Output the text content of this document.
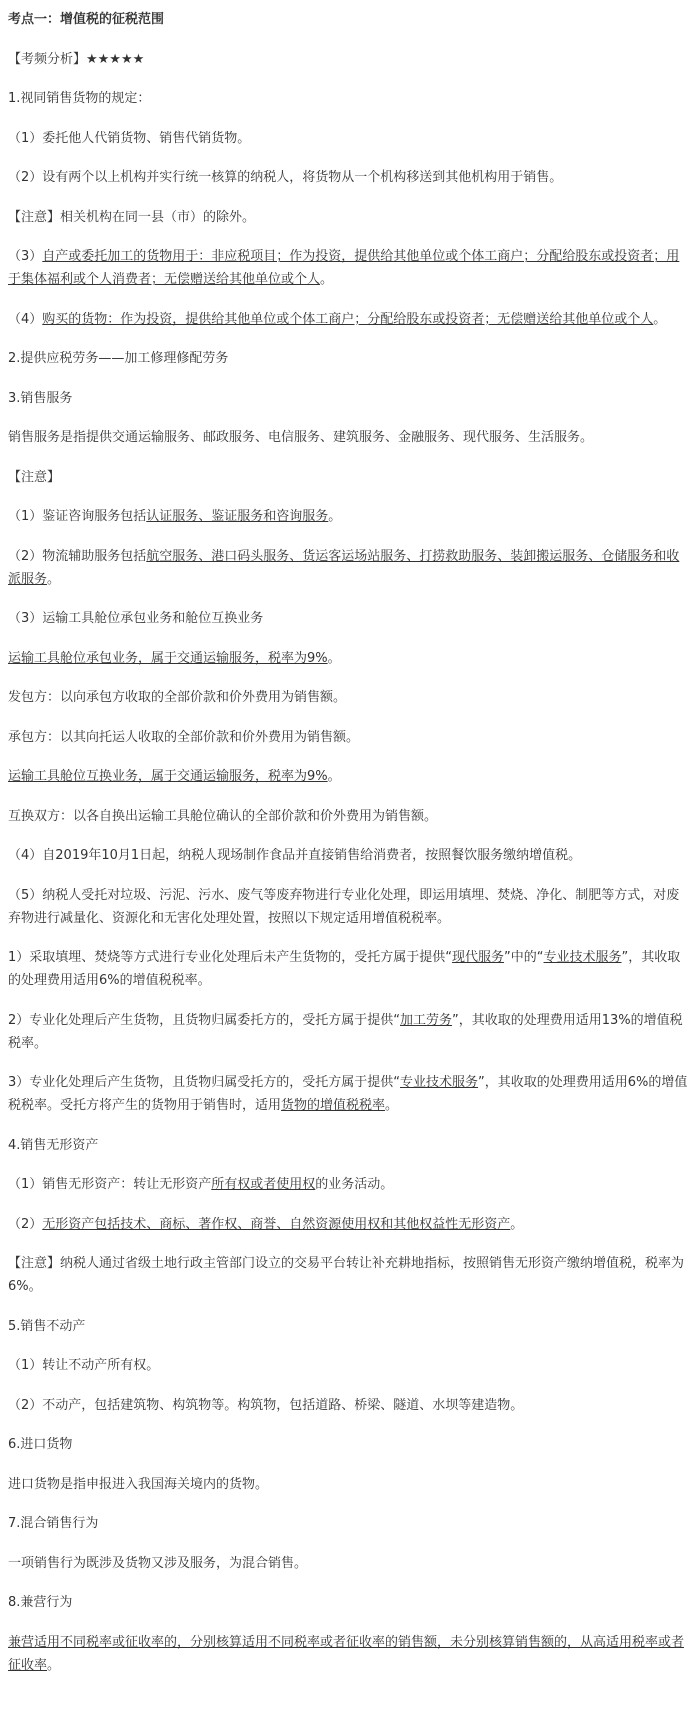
考点一：增值税的征税范围

【考频分析】★★★★★

1.视同销售货物的规定：

（1）委托他人代销货物、销售代销货物。

（2）设有两个以上机构并实行统一核算的纳税人，将货物从一个机构移送到其他机构用于销售。

【注意】相关机构在同一县（市）的除外。

（3）自产或委托加工的货物用于：非应税项目；作为投资，提供给其他单位或个体工商户；分配给股东或投资者；用于集体福利或个人消费者；无偿赠送给其他单位或个人。

（4）购买的货物：作为投资，提供给其他单位或个体工商户；分配给股东或投资者；无偿赠送给其他单位或个人。

2.提供应税劳务——加工修理修配劳务

3.销售服务

销售服务是指提供交通运输服务、邮政服务、电信服务、建筑服务、金融服务、现代服务、生活服务。

【注意】

（1）鉴证咨询服务包括认证服务、鉴证服务和咨询服务。

（2）物流辅助服务包括航空服务、港口码头服务、货运客运场站服务、打捞救助服务、装卸搬运服务、仓储服务和收派服务。

（3）运输工具舱位承包业务和舱位互换业务

运输工具舱位承包业务，属于交通运输服务，税率为9%。

发包方：以向承包方收取的全部价款和价外费用为销售额。

承包方：以其向托运人收取的全部价款和价外费用为销售额。

运输工具舱位互换业务，属于交通运输服务，税率为9%。

互换双方：以各自换出运输工具舱位确认的全部价款和价外费用为销售额。

（4）自2019年10月1日起，纳税人现场制作食品并直接销售给消费者，按照餐饮服务缴纳增值税。

（5）纳税人受托对垃圾、污泥、污水、废气等废弃物进行专业化处理，即运用填埋、焚烧、净化、制肥等方式，对废弃物进行减量化、资源化和无害化处理处置，按照以下规定适用增值税税率。

1）采取填埋、焚烧等方式进行专业化处理后未产生货物的，受托方属于提供“现代服务”中的“专业技术服务”，其收取的处理费用适用6%的增值税税率。

2）专业化处理后产生货物，且货物归属委托方的，受托方属于提供“加工劳务”，其收取的处理费用适用13%的增值税税率。

3）专业化处理后产生货物，且货物归属受托方的，受托方属于提供“专业技术服务”，其收取的处理费用适用6%的增值税税率。受托方将产生的货物用于销售时，适用货物的增值税税率。

4.销售无形资产

（1）销售无形资产：转让无形资产所有权或者使用权的业务活动。

（2）无形资产包括技术、商标、著作权、商誉、自然资源使用权和其他权益性无形资产。

【注意】纳税人通过省级土地行政主管部门设立的交易平台转让补充耕地指标，按照销售无形资产缴纳增值税，税率为6%。

5.销售不动产

（1）转让不动产所有权。

（2）不动产，包括建筑物、构筑物等。构筑物，包括道路、桥梁、隧道、水坝等建造物。

6.进口货物

进口货物是指申报进入我国海关境内的货物。

7.混合销售行为

一项销售行为既涉及货物又涉及服务，为混合销售。

8.兼营行为

兼营适用不同税率或征收率的，分别核算适用不同税率或者征收率的销售额，未分别核算销售额的，从高适用税率或者征收率。
